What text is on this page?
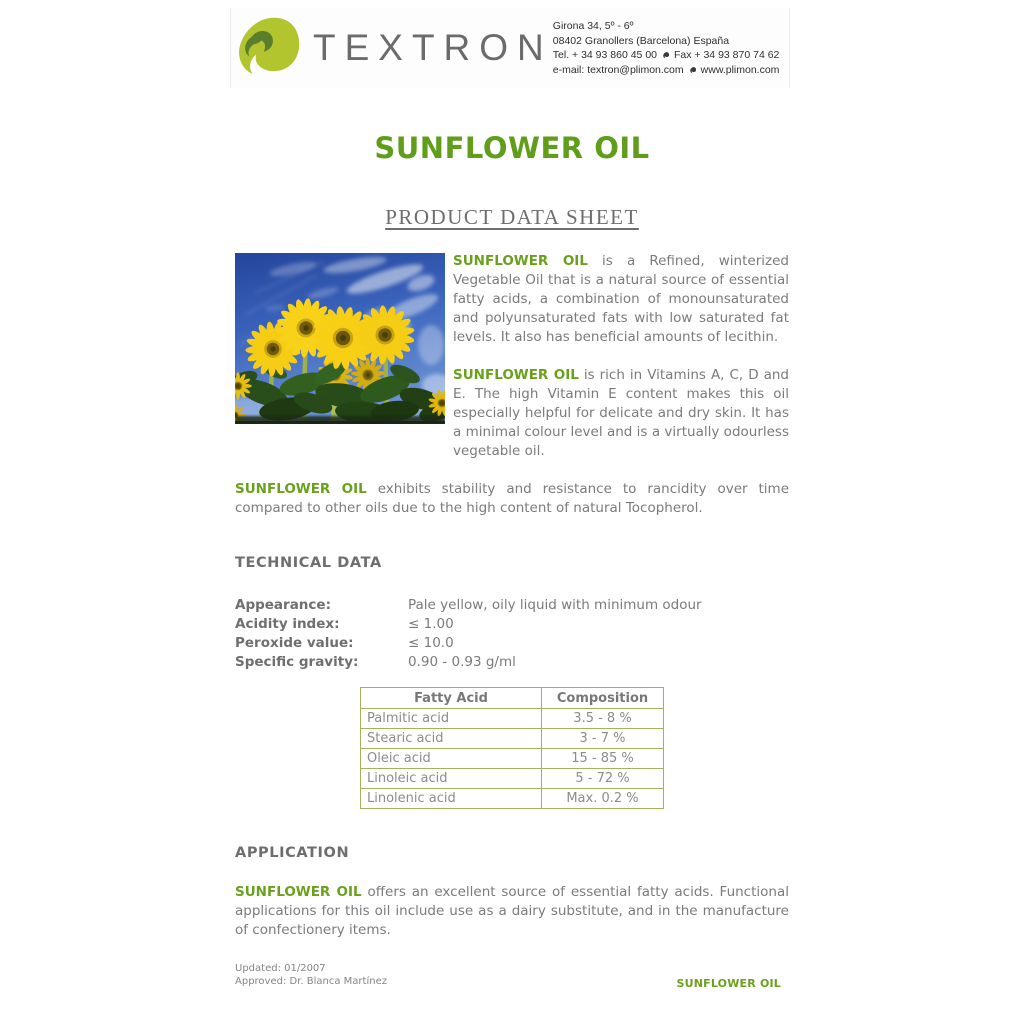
TEXTRON
Girona 34, 5º - 6º
08402 Granollers (Barcelona) España
Tel. + 34 93 860 45 00 Fax + 34 93 870 74 62
e-mail: textron@plimon.com www.plimon.com
SUNFLOWER OIL
PRODUCT DATA SHEET

SUNFLOWER OIL is a Refined, winterized Vegetable Oil that is a natural source of essential fatty acids, a combination of monounsaturated and polyunsaturated fats with low saturated fat levels. It also has beneficial amounts of lecithin.

SUNFLOWER OIL is rich in Vitamins A, C, D and E. The high Vitamin E content makes this oil especially helpful for delicate and dry skin. It has a minimal colour level and is a virtually odourless vegetable oil.

SUNFLOWER OIL exhibits stability and resistance to rancidity over time compared to other oils due to the high content of natural Tocopherol.

TECHNICAL DATA
Appearance:	Pale yellow, oily liquid with minimum odour
Acidity index:	≤ 1.00
Peroxide value:	≤ 10.0
Specific gravity:	0.90 - 0.93 g/ml
Fatty Acid	Composition
Palmitic acid	3.5 - 8 %
Stearic acid	3 - 7 %
Oleic acid	15 - 85 %
Linoleic acid	5 - 72 %
Linolenic acid	Max. 0.2 %
APPLICATION

SUNFLOWER OIL offers an excellent source of essential fatty acids. Functional applications for this oil include use as a dairy substitute, and in the manufacture of confectionery items.

Updated: 01/2007
Approved: Dr. Blanca Martínez	SUNFLOWER OIL
